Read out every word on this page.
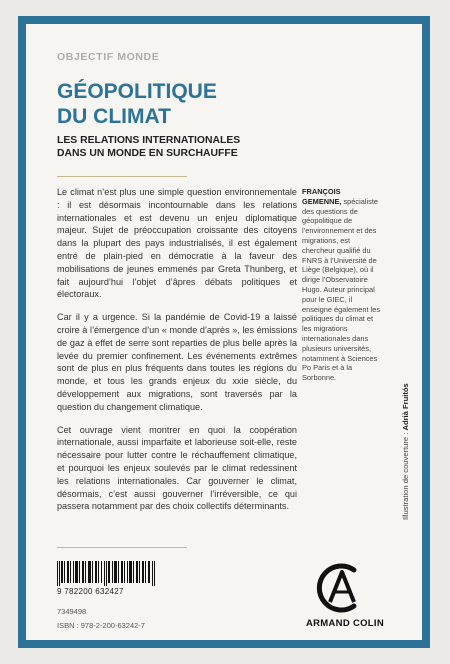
OBJECTIF MONDE
GÉOPOLITIQUE
DU CLIMAT
LES RELATIONS INTERNATIONALES
DANS UN MONDE EN SURCHAUFFE

Le climat n’est plus une simple question environnementale : il est désormais incontournable dans les relations internationales et est devenu un enjeu diplomatique majeur. Sujet de préoccupation croissante des citoyens dans la plupart des pays industrialisés, il est également entré de plain-pied en démocratie à la faveur des mobilisations de jeunes emmenés par Greta Thunberg, et fait aujourd’hui l’objet d’âpres débats politiques et électoraux.

Car il y a urgence. Si la pandémie de Covid-19 a laissé croire à l’émergence d’un « monde d’après », les émissions de gaz à effet de serre sont reparties de plus belle après la levée du premier confinement. Les événements extrêmes sont de plus en plus fréquents dans toutes les régions du monde, et tous les grands enjeux du xxie siècle, du développement aux migrations, sont traversés par la question du changement climatique.

Cet ouvrage vient montrer en quoi la coopération internationale, aussi imparfaite et laborieuse soit-elle, reste nécessaire pour lutter contre le réchauffement climatique, et pourquoi les enjeux soulevés par le climat redessinent les relations internationales. Car gouverner le climat, désormais, c’est aussi gouverner l’irréversible, ce qui passera notamment par des choix collectifs déterminants.

FRANÇOIS GEMENNE, spécialiste des questions de géopolitique de l’environnement et des migrations, est chercheur qualifié du FNRS à l’Université de Liège (Belgique), où il dirige l’Observatoire Hugo. Auteur principal pour le GIEC, il enseigne également les politiques du climat et les migrations internationales dans plusieurs universités, notamment à Sciences Po Paris et à la Sorbonne.
Illustration de couverture : Adrià Fruitós
9 782200 632427
7349498
ISBN : 978-2-200-63242-7	ARMAND COLIN
